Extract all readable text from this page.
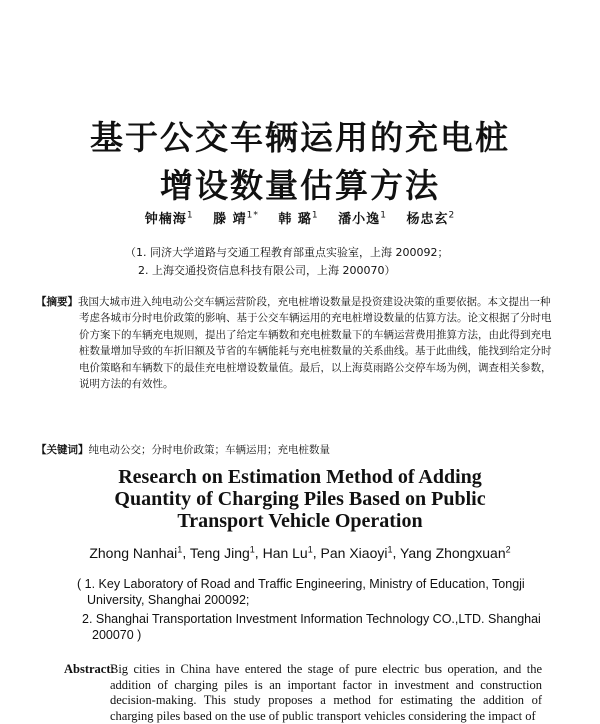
基于公交车辆运用的充电桩
增设数量估算方法
钟楠海$^1$ 滕 靖$^{1*}$ 韩 璐$^1$ 潘小逸$^1$ 杨忠玄$^2$
（1. 同济大学道路与交通工程教育部重点实验室，上海 200092；
2. 上海交通投资信息科技有限公司，上海 200070）
【摘要】我国大城市进入纯电动公交车辆运营阶段，充电桩增设数量是投资建设决策的重要依据。本文提出一种考虑各城市分时电价政策的影响、基于公交车辆运用的充电桩增设数量的估算方法。论文根据了分时电价方案下的车辆充电规则，提出了给定车辆数和充电桩数量下的车辆运营费用推算方法，由此得到充电桩数量增加导致的车折旧额及节省的车辆能耗与充电桩数量的关系曲线。基于此曲线，能找到给定分时电价策略和车辆数下的最佳充电桩增设数量值。最后，以上海莫雨路公交停车场为例，调查相关参数，说明方法的有效性。
【关键词】纯电动公交；分时电价政策；车辆运用；充电桩数量
Research on Estimation Method of Adding
Quantity of Charging Piles Based on Public
Transport Vehicle Operation
Zhong Nanhai$^1$, Teng Jing$^1$, Han Lu$^1$, Pan Xiaoyi$^1$, Yang Zhongxuan$^2$
( 1. Key Laboratory of Road and Traffic Engineering, Ministry of Education, Tongji University, Shanghai 200092;
2. Shanghai Transportation Investment Information Technology CO.,LTD. Shanghai 200070 )
Abstract:
Big cities in China have entered the stage of pure electric bus operation, and the addition of charging piles is an important factor in investment and construction decision-making. This study proposes a method for estimating the addition of charging piles based on the use of public transport vehicles considering the impact of
